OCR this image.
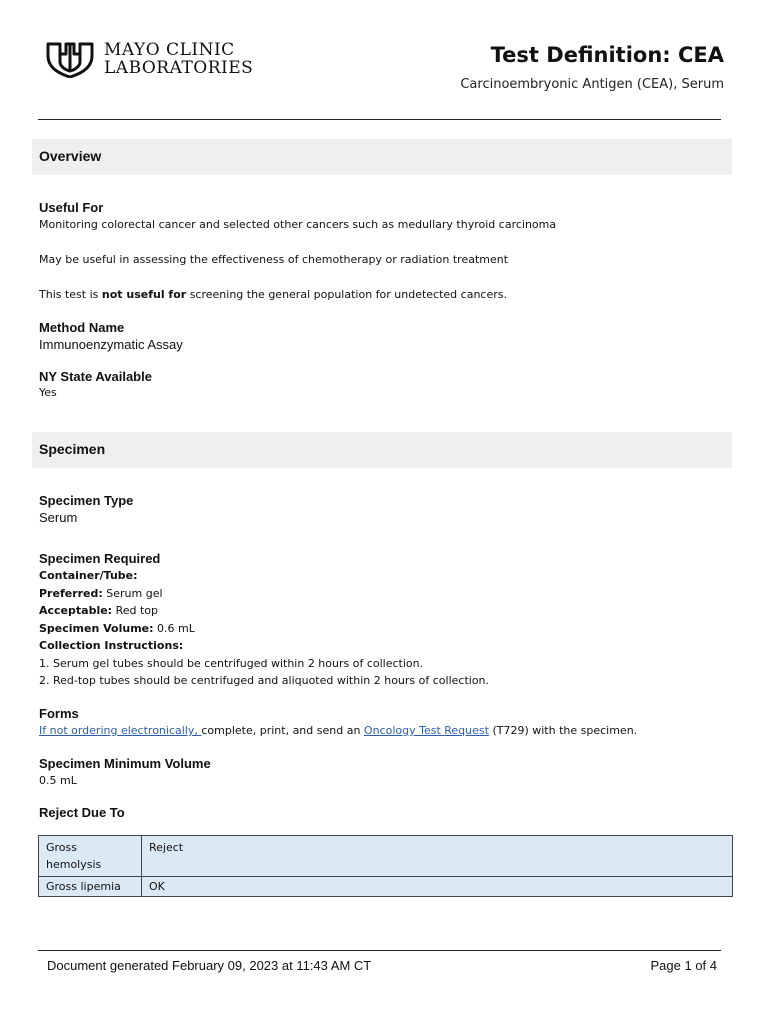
MAYO CLINIC
LABORATORIES
Test Definition: CEA
Carcinoembryonic Antigen (CEA), Serum
Overview
Useful For
Monitoring colorectal cancer and selected other cancers such as medullary thyroid carcinoma
May be useful in assessing the effectiveness of chemotherapy or radiation treatment
This test is not useful for screening the general population for undetected cancers.
Method Name
Immunoenzymatic Assay
NY State Available
Yes
Specimen
Specimen Type
Serum
Specimen Required
Container/Tube:
Preferred: Serum gel
Acceptable: Red top
Specimen Volume: 0.6 mL
Collection Instructions:
1. Serum gel tubes should be centrifuged within 2 hours of collection.
2. Red-top tubes should be centrifuged and aliquoted within 2 hours of collection.
Forms
If not ordering electronically, complete, print, and send an Oncology Test Request (T729) with the specimen.
Specimen Minimum Volume
0.5 mL
Reject Due To
Gross hemolysis	Reject
Gross lipemia	OK
Document generated February 09, 2023 at 11:43 AM CT	Page 1 of 4
